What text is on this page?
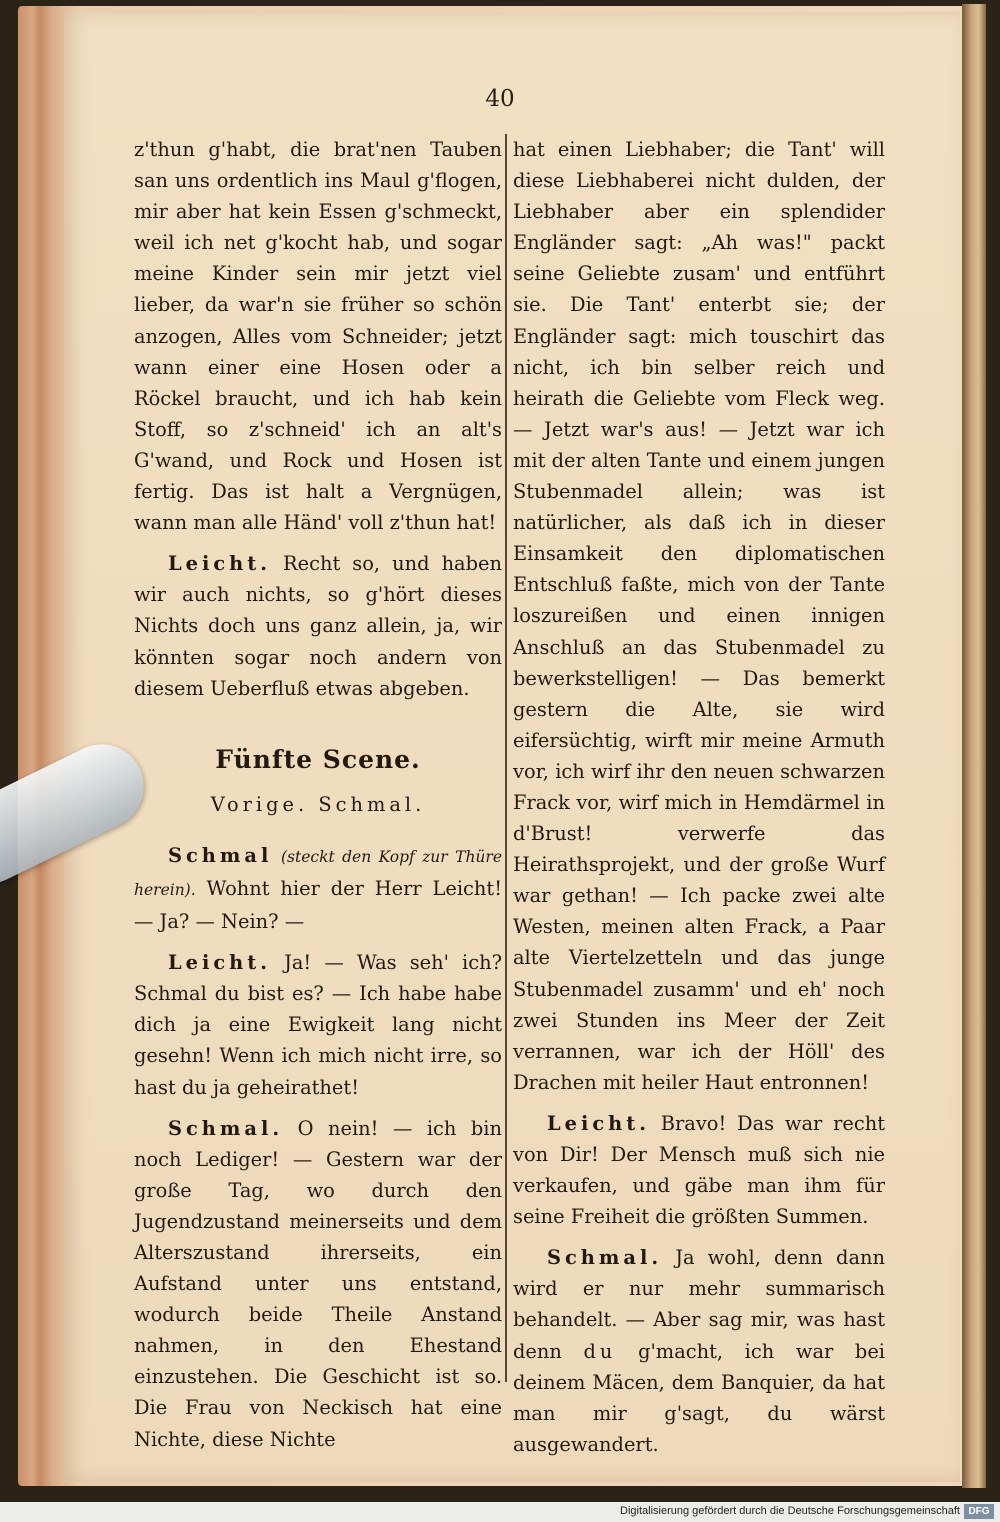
40

z'thun g'habt, die brat'nen Tauben san uns ordentlich ins Maul g'flogen, mir aber hat kein Essen g'schmeckt, weil ich net g'kocht hab, und sogar meine Kinder sein mir jetzt viel lieber, da war'n sie früher so schön anzogen, Alles vom Schneider; jetzt wann einer eine Hosen oder a Röckel braucht, und ich hab kein Stoff, so z'schneid' ich an alt's G'wand, und Rock und Hosen ist fertig. Das ist halt a Vergnügen, wann man alle Händ' voll z'thun hat!

Leicht. Recht so, und haben wir auch nichts, so g'hört dieses Nichts doch uns ganz allein, ja, wir könnten sogar noch andern von diesem Ueberfluß etwas abgeben.

Fünfte Scene.
Vorige. Schmal.

Schmal (steckt den Kopf zur Thüre herein). Wohnt hier der Herr Leicht! — Ja? — Nein? —

Leicht. Ja! — Was seh' ich? Schmal du bist es? — Ich habe habe dich ja eine Ewigkeit lang nicht gesehn! Wenn ich mich nicht irre, so hast du ja geheirathet!

Schmal. O nein! — ich bin noch Lediger! — Gestern war der große Tag, wo durch den Jugendzustand meinerseits und dem Alterszustand ihrerseits, ein Aufstand unter uns entstand, wodurch beide Theile Anstand nahmen, in den Ehestand einzustehen. Die Geschicht ist so. Die Frau von Neckisch hat eine Nichte, diese Nichte

hat einen Liebhaber; die Tant' will diese Liebhaberei nicht dulden, der Liebhaber aber ein splendider Engländer sagt: „Ah was!" packt seine Geliebte zusam' und entführt sie. Die Tant' enterbt sie; der Engländer sagt: mich touschirt das nicht, ich bin selber reich und heirath die Geliebte vom Fleck weg. — Jetzt war's aus! — Jetzt war ich mit der alten Tante und einem jungen Stubenmadel allein; was ist natürlicher, als daß ich in dieser Einsamkeit den diplomatischen Entschluß faßte, mich von der Tante loszureißen und einen innigen Anschluß an das Stubenmadel zu bewerkstelligen! — Das bemerkt gestern die Alte, sie wird eifersüchtig, wirft mir meine Armuth vor, ich wirf ihr den neuen schwarzen Frack vor, wirf mich in Hemdärmel in d'Brust! verwerfe das Heirathsprojekt, und der große Wurf war gethan! — Ich packe zwei alte Westen, meinen alten Frack, a Paar alte Viertelzetteln und das junge Stubenmadel zusamm' und eh' noch zwei Stunden ins Meer der Zeit verrannen, war ich der Höll' des Drachen mit heiler Haut entronnen!

Leicht. Bravo! Das war recht von Dir! Der Mensch muß sich nie verkaufen, und gäbe man ihm für seine Freiheit die größten Summen.

Schmal. Ja wohl, denn dann wird er nur mehr summarisch behandelt. — Aber sag mir, was hast denn du g'macht, ich war bei deinem Mäcen, dem Banquier, da hat man mir g'sagt, du wärst ausgewandert.

Digitalisierung gefördert durch die Deutsche Forschungsgemeinschaft DFG
